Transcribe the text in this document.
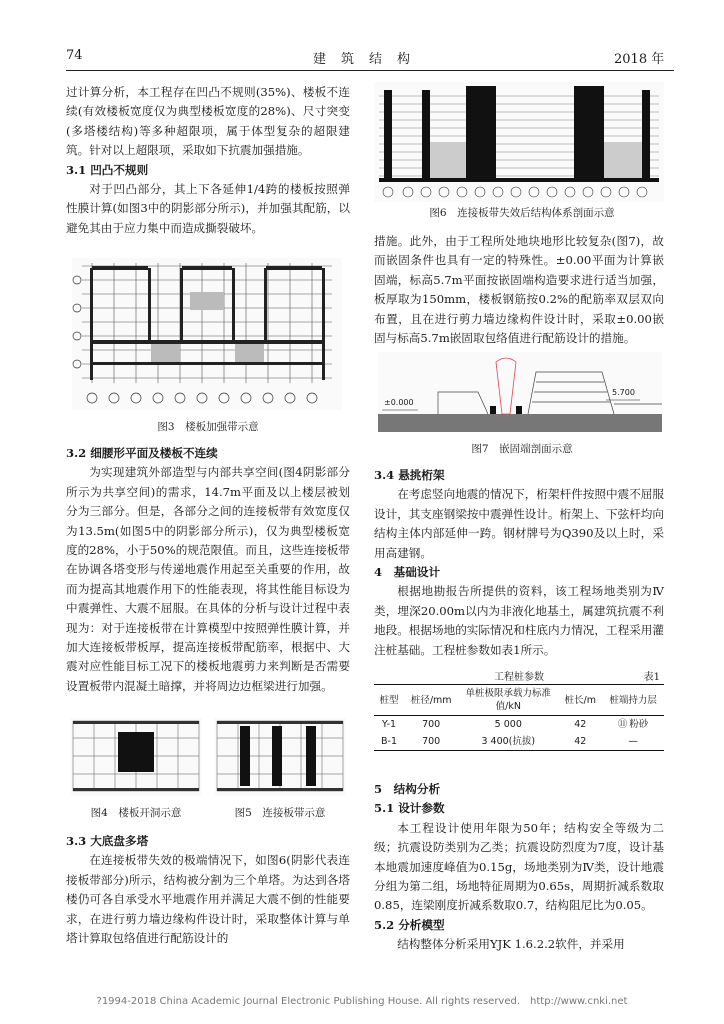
74	建　筑　结　构	2018 年

过计算分析，本工程存在凹凸不规则(35%)、楼板不连续(有效楼板宽度仅为典型楼板宽度的28%)、尺寸突变(多塔楼结构)等多种超限项，属于体型复杂的超限建筑。针对以上超限项，采取如下抗震加强措施。

3.1 凹凸不规则

对于凹凸部分，其上下各延伸1/4跨的楼板按照弹性膜计算(如图3中的阴影部分所示)，并加强其配筋，以避免其由于应力集中而造成撕裂破坏。

图3　楼板加强带示意

3.2 细腰形平面及楼板不连续

为实现建筑外部造型与内部共享空间(图4阴影部分所示为共享空间)的需求，14.7m平面及以上楼层被划分为三部分。但是，各部分之间的连接板带有效宽度仅为13.5m(如图5中的阴影部分所示)，仅为典型楼板宽度的28%，小于50%的规范限值。而且，这些连接板带在协调各塔变形与传递地震作用起至关重要的作用，故而为提高其地震作用下的性能表现，将其性能目标设为中震弹性、大震不屈服。在具体的分析与设计过程中表现为：对于连接板带在计算模型中按照弹性膜计算，并加大连接板带板厚，提高连接板带配筋率，根据中、大震对应性能目标工况下的楼板地震剪力来判断是否需要设置板带内混凝土暗撑，并将周边边框梁进行加强。

图4　楼板开洞示意	图5　连接板带示意

3.3 大底盘多塔

在连接板带失效的极端情况下，如图6(阴影代表连接板带部分)所示，结构被分割为三个单塔。为达到各塔楼仍可各自承受水平地震作用并满足大震不倒的性能要求，在进行剪力墙边缘构件设计时，采取整体计算与单塔计算取包络值进行配筋设计的

图6　连接板带失效后结构体系剖面示意

措施。此外，由于工程所处地块地形比较复杂(图7)，故而嵌固条件也具有一定的特殊性。±0.00平面为计算嵌固端，标高5.7m平面按嵌固端构造要求进行适当加强，板厚取为150mm，楼板钢筋按0.2%的配筋率双层双向布置，且在进行剪力墙边缘构件设计时，采取±0.00嵌固与标高5.7m嵌固取包络值进行配筋设计的措施。

±0.000
5.700
图7　嵌固端剖面示意

3.4 悬挑桁架

在考虑竖向地震的情况下，桁架杆件按照中震不屈服设计，其支座钢梁按中震弹性设计。桁架上、下弦杆均向结构主体内部延伸一跨。钢材牌号为Q390及以上时，采用高建钢。

4　基础设计

根据地勘报告所提供的资料，该工程场地类别为Ⅳ类，埋深20.00m以内为非液化地基土，属建筑抗震不利地段。根据场地的实际情况和柱底内力情况，工程采用灌注桩基础。工程桩参数如表1所示。

工程桩参数	表1
桩型	桩径/mm	单桩极限承载力标准值/kN	桩长/m	桩端持力层
Y-1	700	5 000	42	⑪ 粉砂
B-1	700	3 400(抗拔)	42	—

5　结构分析

5.1 设计参数

本工程设计使用年限为50年；结构安全等级为二级；抗震设防类别为乙类；抗震设防烈度为7度，设计基本地震加速度峰值为0.15g，场地类别为Ⅳ类，设计地震分组为第二组，场地特征周期为0.65s，周期折减系数取0.85，连梁刚度折减系数取0.7，结构阻尼比为0.05。

5.2 分析模型

结构整体分析采用YJK 1.6.2.2软件，并采用

?1994-2018 China Academic Journal Electronic Publishing House. All rights reserved.　http://www.cnki.net
